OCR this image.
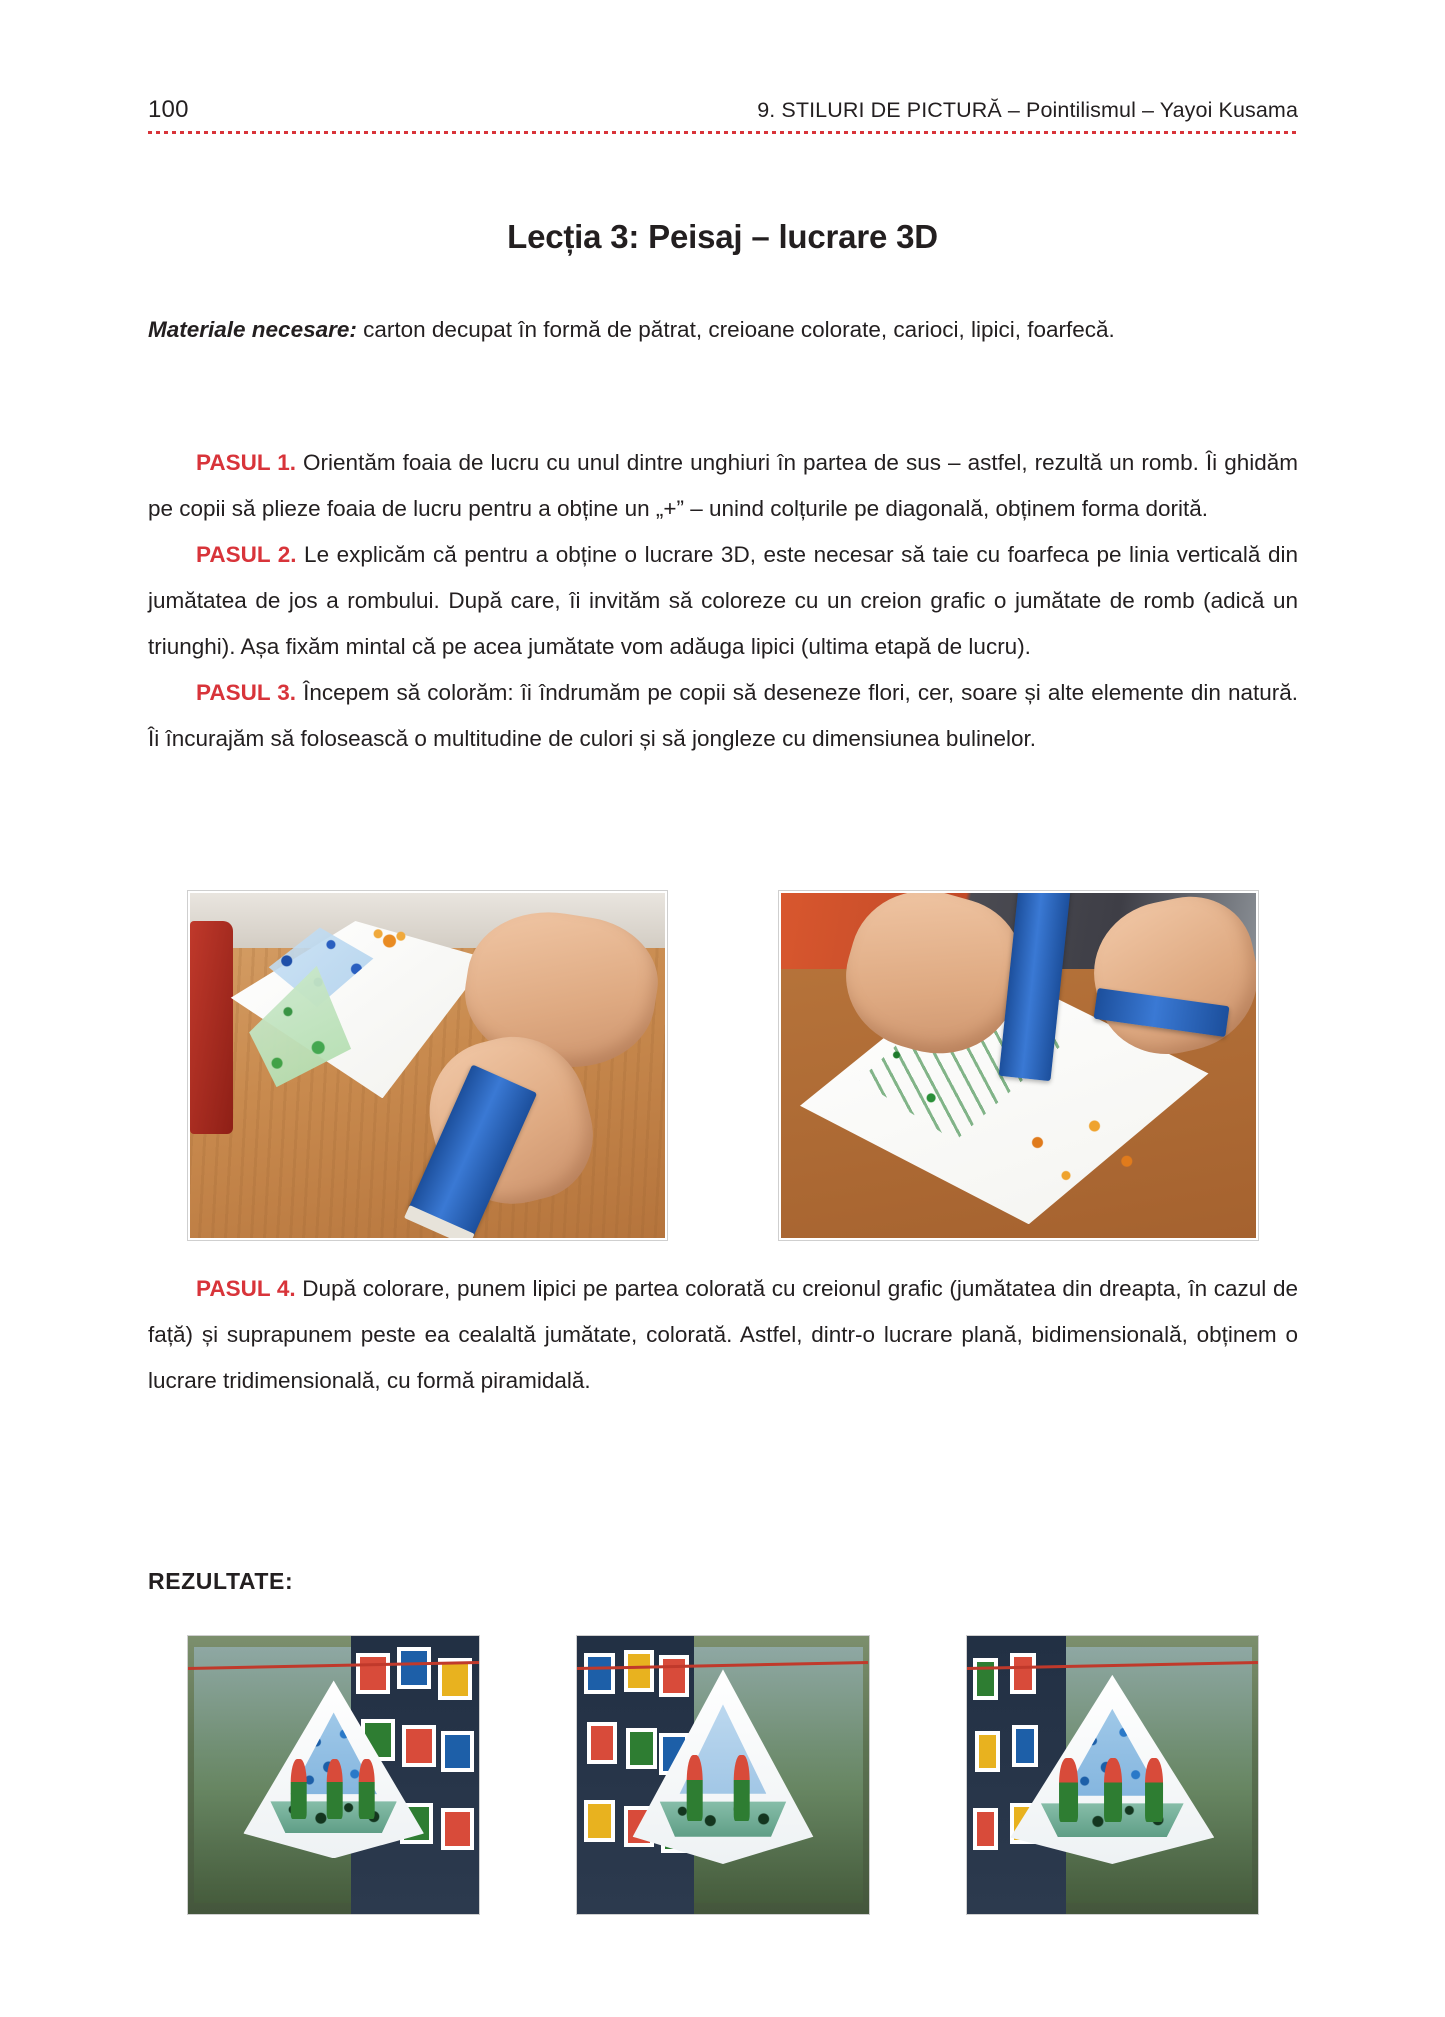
100	9. STILURI DE PICTURĂ – Pointilismul – Yayoi Kusama
Lecția 3: Peisaj – lucrare 3D

Materiale necesare: carton decupat în formă de pătrat, creioane colorate, carioci, lipici, foarfecă.

PASUL 1. Orientăm foaia de lucru cu unul dintre unghiuri în partea de sus – astfel, rezultă un romb. Îi ghidăm pe copii să plieze foaia de lucru pentru a obține un „+” – unind colțurile pe diagonală, obținem forma dorită.

PASUL 2. Le explicăm că pentru a obține o lucrare 3D, este necesar să taie cu foarfeca pe linia verticală din jumătatea de jos a rombului. După care, îi invităm să coloreze cu un creion grafic o jumătate de romb (adică un triunghi). Așa fixăm mintal că pe acea jumătate vom adăuga lipici (ultima etapă de lucru).

PASUL 3. Începem să colorăm: îi îndrumăm pe copii să deseneze flori, cer, soare și alte elemente din natură. Îi încurajăm să folosească o multitudine de culori și să jongleze cu dimensiunea bulinelor.

PASUL 4. După colorare, punem lipici pe partea colorată cu creionul grafic (jumătatea din dreapta, în cazul de față) și suprapunem peste ea cealaltă jumătate, colorată. Astfel, dintr-o lucrare plană, bidimensională, obținem o lucrare tridimensională, cu formă piramidală.

REZULTATE:
